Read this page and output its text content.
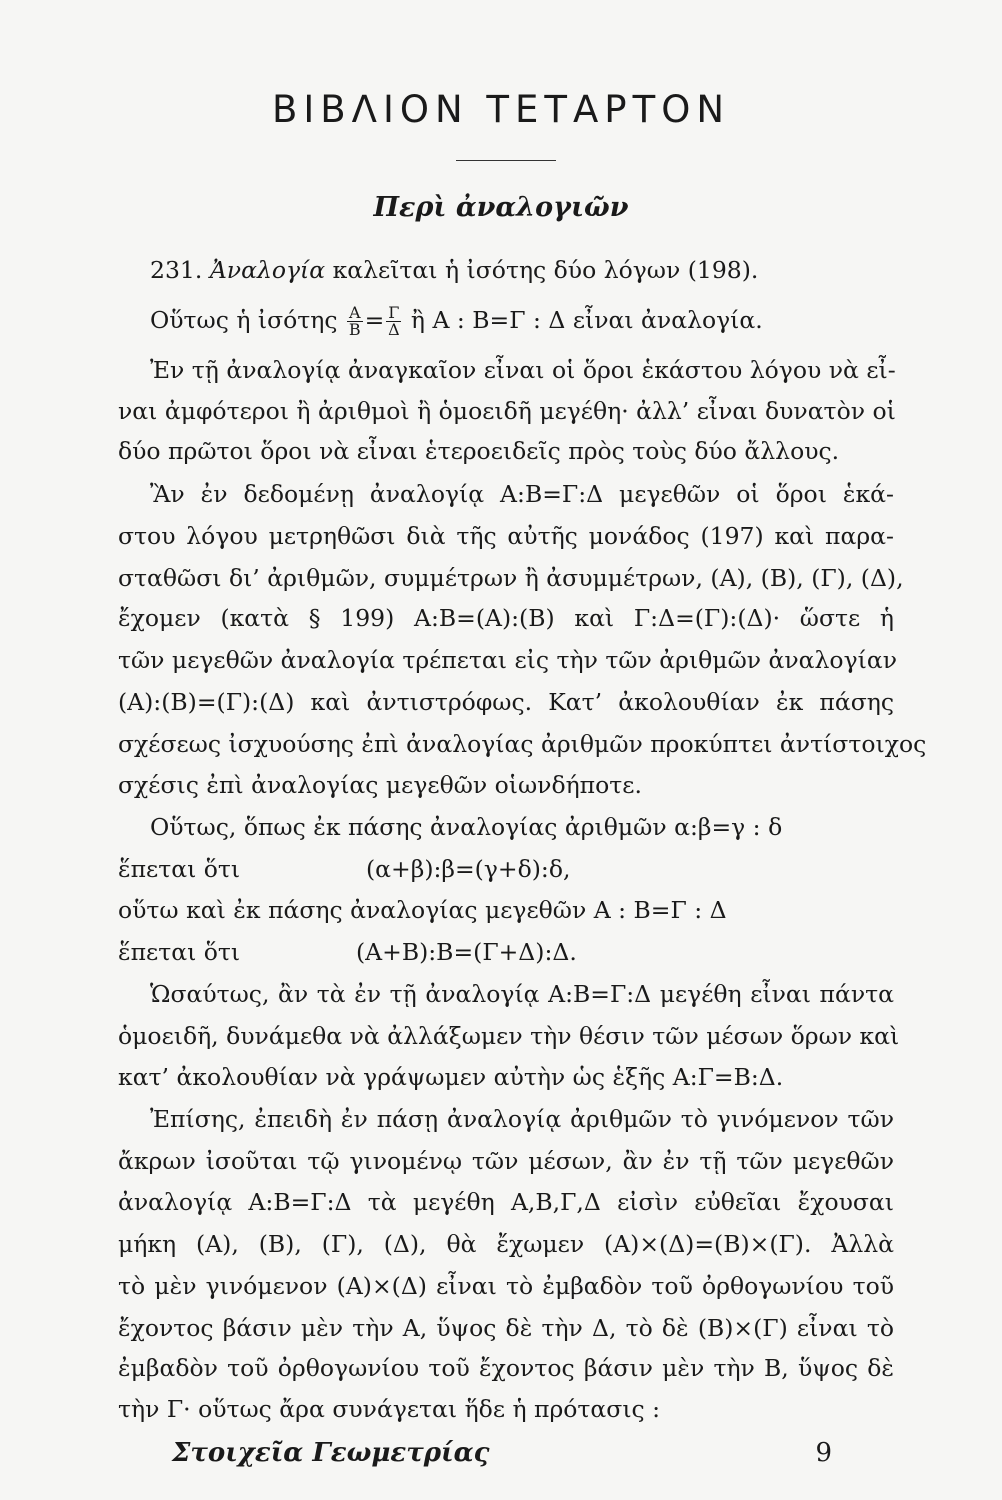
ΒΙΒΛΙΟΝ ΤΕΤΑΡΤΟΝ
Περὶ ἀναλογιῶν
231. Ἀναλογία καλεῖται ἡ ἰσότης δύο λόγων (198).
Οὕτως ἡ ἰσότης $\frac{A}{B} = \frac{\Gamma}{\Delta}$ ἢ Α : Β=Γ : Δ εἶναι ἀναλογία.
Ἐν τῇ ἀναλογίᾳ ἀναγκαῖον εἶναι οἱ ὅροι ἑκάστου λόγου νὰ εἶ-
ναι ἀμφότεροι ἢ ἀριθμοὶ ἢ ὁμοειδῆ μεγέθη· ἀλλ’ εἶναι δυνατὸν οἱ
δύο πρῶτοι ὅροι νὰ εἶναι ἑτεροειδεῖς πρὸς τοὺς δύο ἄλλους.
Ἂν ἐν δεδομένῃ ἀναλογίᾳ Α:Β=Γ:Δ μεγεθῶν οἱ ὅροι ἑκά-
στου λόγου μετρηθῶσι διὰ τῆς αὐτῆς μονάδος (197) καὶ παρα-
σταθῶσι δι’ ἀριθμῶν, συμμέτρων ἢ ἀσυμμέτρων, (Α), (Β), (Γ), (Δ),
ἔχομεν (κατὰ § 199) Α:Β=(Α):(Β) καὶ Γ:Δ=(Γ):(Δ)· ὥστε ἡ
τῶν μεγεθῶν ἀναλογία τρέπεται εἰς τὴν τῶν ἀριθμῶν ἀναλογίαν
(Α):(Β)=(Γ):(Δ) καὶ ἀντιστρόφως. Κατ’ ἀκολουθίαν ἐκ πάσης
σχέσεως ἰσχυούσης ἐπὶ ἀναλογίας ἀριθμῶν προκύπτει ἀντίστοιχος
σχέσις ἐπὶ ἀναλογίας μεγεθῶν οἱωνδήποτε.
Οὕτως, ὅπως ἐκ πάσης ἀναλογίας ἀριθμῶν α:β=γ : δ
ἕπεται ὅτι	(α+β):β=(γ+δ):δ,
οὕτω καὶ ἐκ πάσης ἀναλογίας μεγεθῶν Α : Β=Γ : Δ
ἕπεται ὅτι	(Α+Β):Β=(Γ+Δ):Δ.
Ὡσαύτως, ἂν τὰ ἐν τῇ ἀναλογίᾳ Α:Β=Γ:Δ μεγέθη εἶναι πάντα
ὁμοειδῆ, δυνάμεθα νὰ ἀλλάξωμεν τὴν θέσιν τῶν μέσων ὅρων καὶ
κατ’ ἀκολουθίαν νὰ γράψωμεν αὐτὴν ὡς ἑξῆς Α:Γ=Β:Δ.
Ἐπίσης, ἐπειδὴ ἐν πάσῃ ἀναλογίᾳ ἀριθμῶν τὸ γινόμενον τῶν
ἄκρων ἰσοῦται τῷ γινομένῳ τῶν μέσων, ἂν ἐν τῇ τῶν μεγεθῶν
ἀναλογίᾳ Α:Β=Γ:Δ τὰ μεγέθη Α,Β,Γ,Δ εἰσὶν εὐθεῖαι ἔχουσαι
μήκη (Α), (Β), (Γ), (Δ), θὰ ἔχωμεν (Α)×(Δ)=(Β)×(Γ). Ἀλλὰ
τὸ μὲν γινόμενον (Α)×(Δ) εἶναι τὸ ἐμβαδὸν τοῦ ὀρθογωνίου τοῦ
ἔχοντος βάσιν μὲν τὴν Α, ὕψος δὲ τὴν Δ, τὸ δὲ (Β)×(Γ) εἶναι τὸ
ἐμβαδὸν τοῦ ὀρθογωνίου τοῦ ἔχοντος βάσιν μὲν τὴν Β, ὕψος δὲ
τὴν Γ· οὕτως ἄρα συνάγεται ἥδε ἡ πρότασις :
Στοιχεῖα Γεωμετρίας	9
